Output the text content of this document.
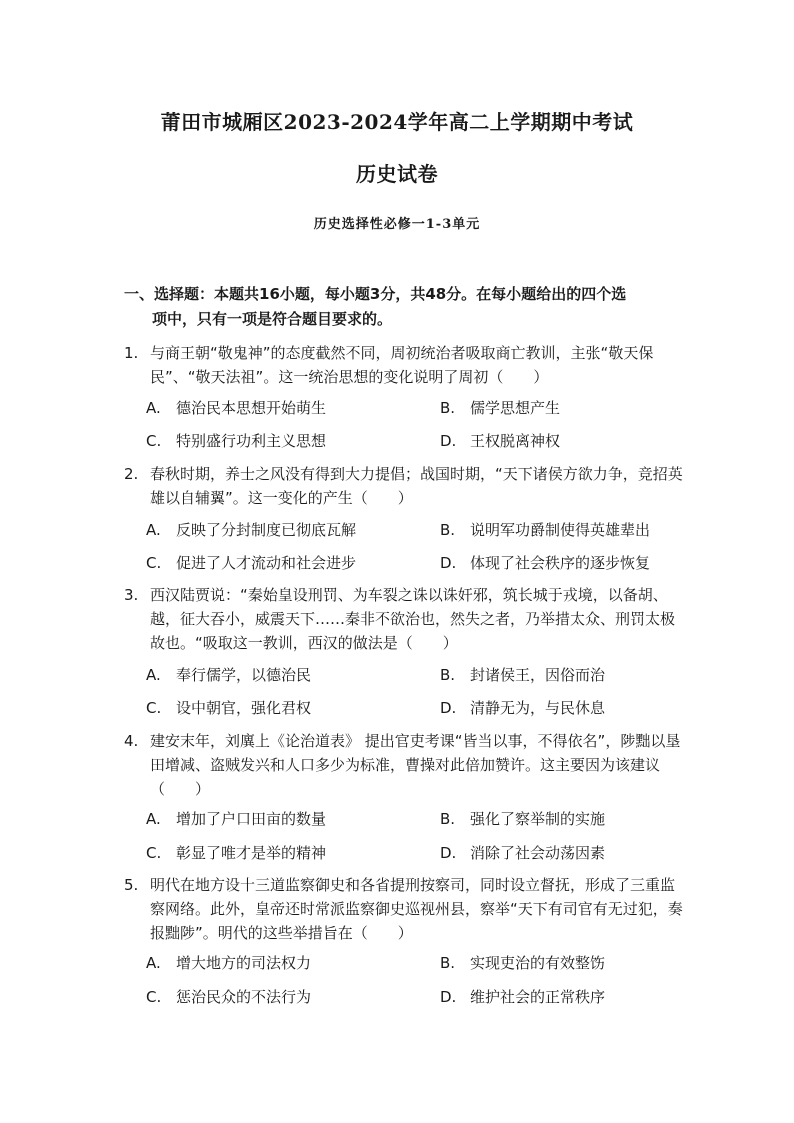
莆田市城厢区2023-2024学年高二上学期期中考试
历史试卷
历史选择性必修一1-3单元
一、选择题：本题共16小题，每小题3分，共48分。在每小题给出的四个选
项中，只有一项是符合题目要求的。
1. 与商王朝“敬鬼神”的态度截然不同，周初统治者吸取商亡教训，主张“敬天保民”、“敬天法祖”。这一统治思想的变化说明了周初（　　）
A. 德治民本思想开始萌生	B. 儒学思想产生
C. 特别盛行功利主义思想	D. 王权脱离神权
2. 春秋时期，养士之风没有得到大力提倡；战国时期，“天下诸侯方欲力争，竞招英雄以自辅翼”。这一变化的产生（　　）
A. 反映了分封制度已彻底瓦解	B. 说明军功爵制使得英雄辈出
C. 促进了人才流动和社会进步	D. 体现了社会秩序的逐步恢复
3. 西汉陆贾说：“秦始皇设刑罚、为车裂之诛以诛奸邪，筑长城于戎境，以备胡、越，征大吞小，威震天下……秦非不欲治也，然失之者，乃举措太众、刑罚太极故也。“吸取这一教训，西汉的做法是（　　）
A. 奉行儒学，以德治民	B. 封诸侯王，因俗而治
C. 设中朝官，强化君权	D. 清静无为，与民休息
4. 建安末年，刘廙上《论治道表》 提出官吏考课“皆当以事，不得依名”，陟黜以垦田增减、盗贼发兴和人口多少为标准，曹操对此倍加赞许。这主要因为该建议（　　）
A. 增加了户口田亩的数量	B. 强化了察举制的实施
C. 彰显了唯才是举的精神	D. 消除了社会动荡因素
5. 明代在地方设十三道监察御史和各省提刑按察司，同时设立督抚，形成了三重监察网络。此外，皇帝还时常派监察御史巡视州县，察举“天下有司官有无过犯，奏报黜陟”。明代的这些举措旨在（　　）
A. 增大地方的司法权力	B. 实现吏治的有效整饬
C. 惩治民众的不法行为	D. 维护社会的正常秩序
